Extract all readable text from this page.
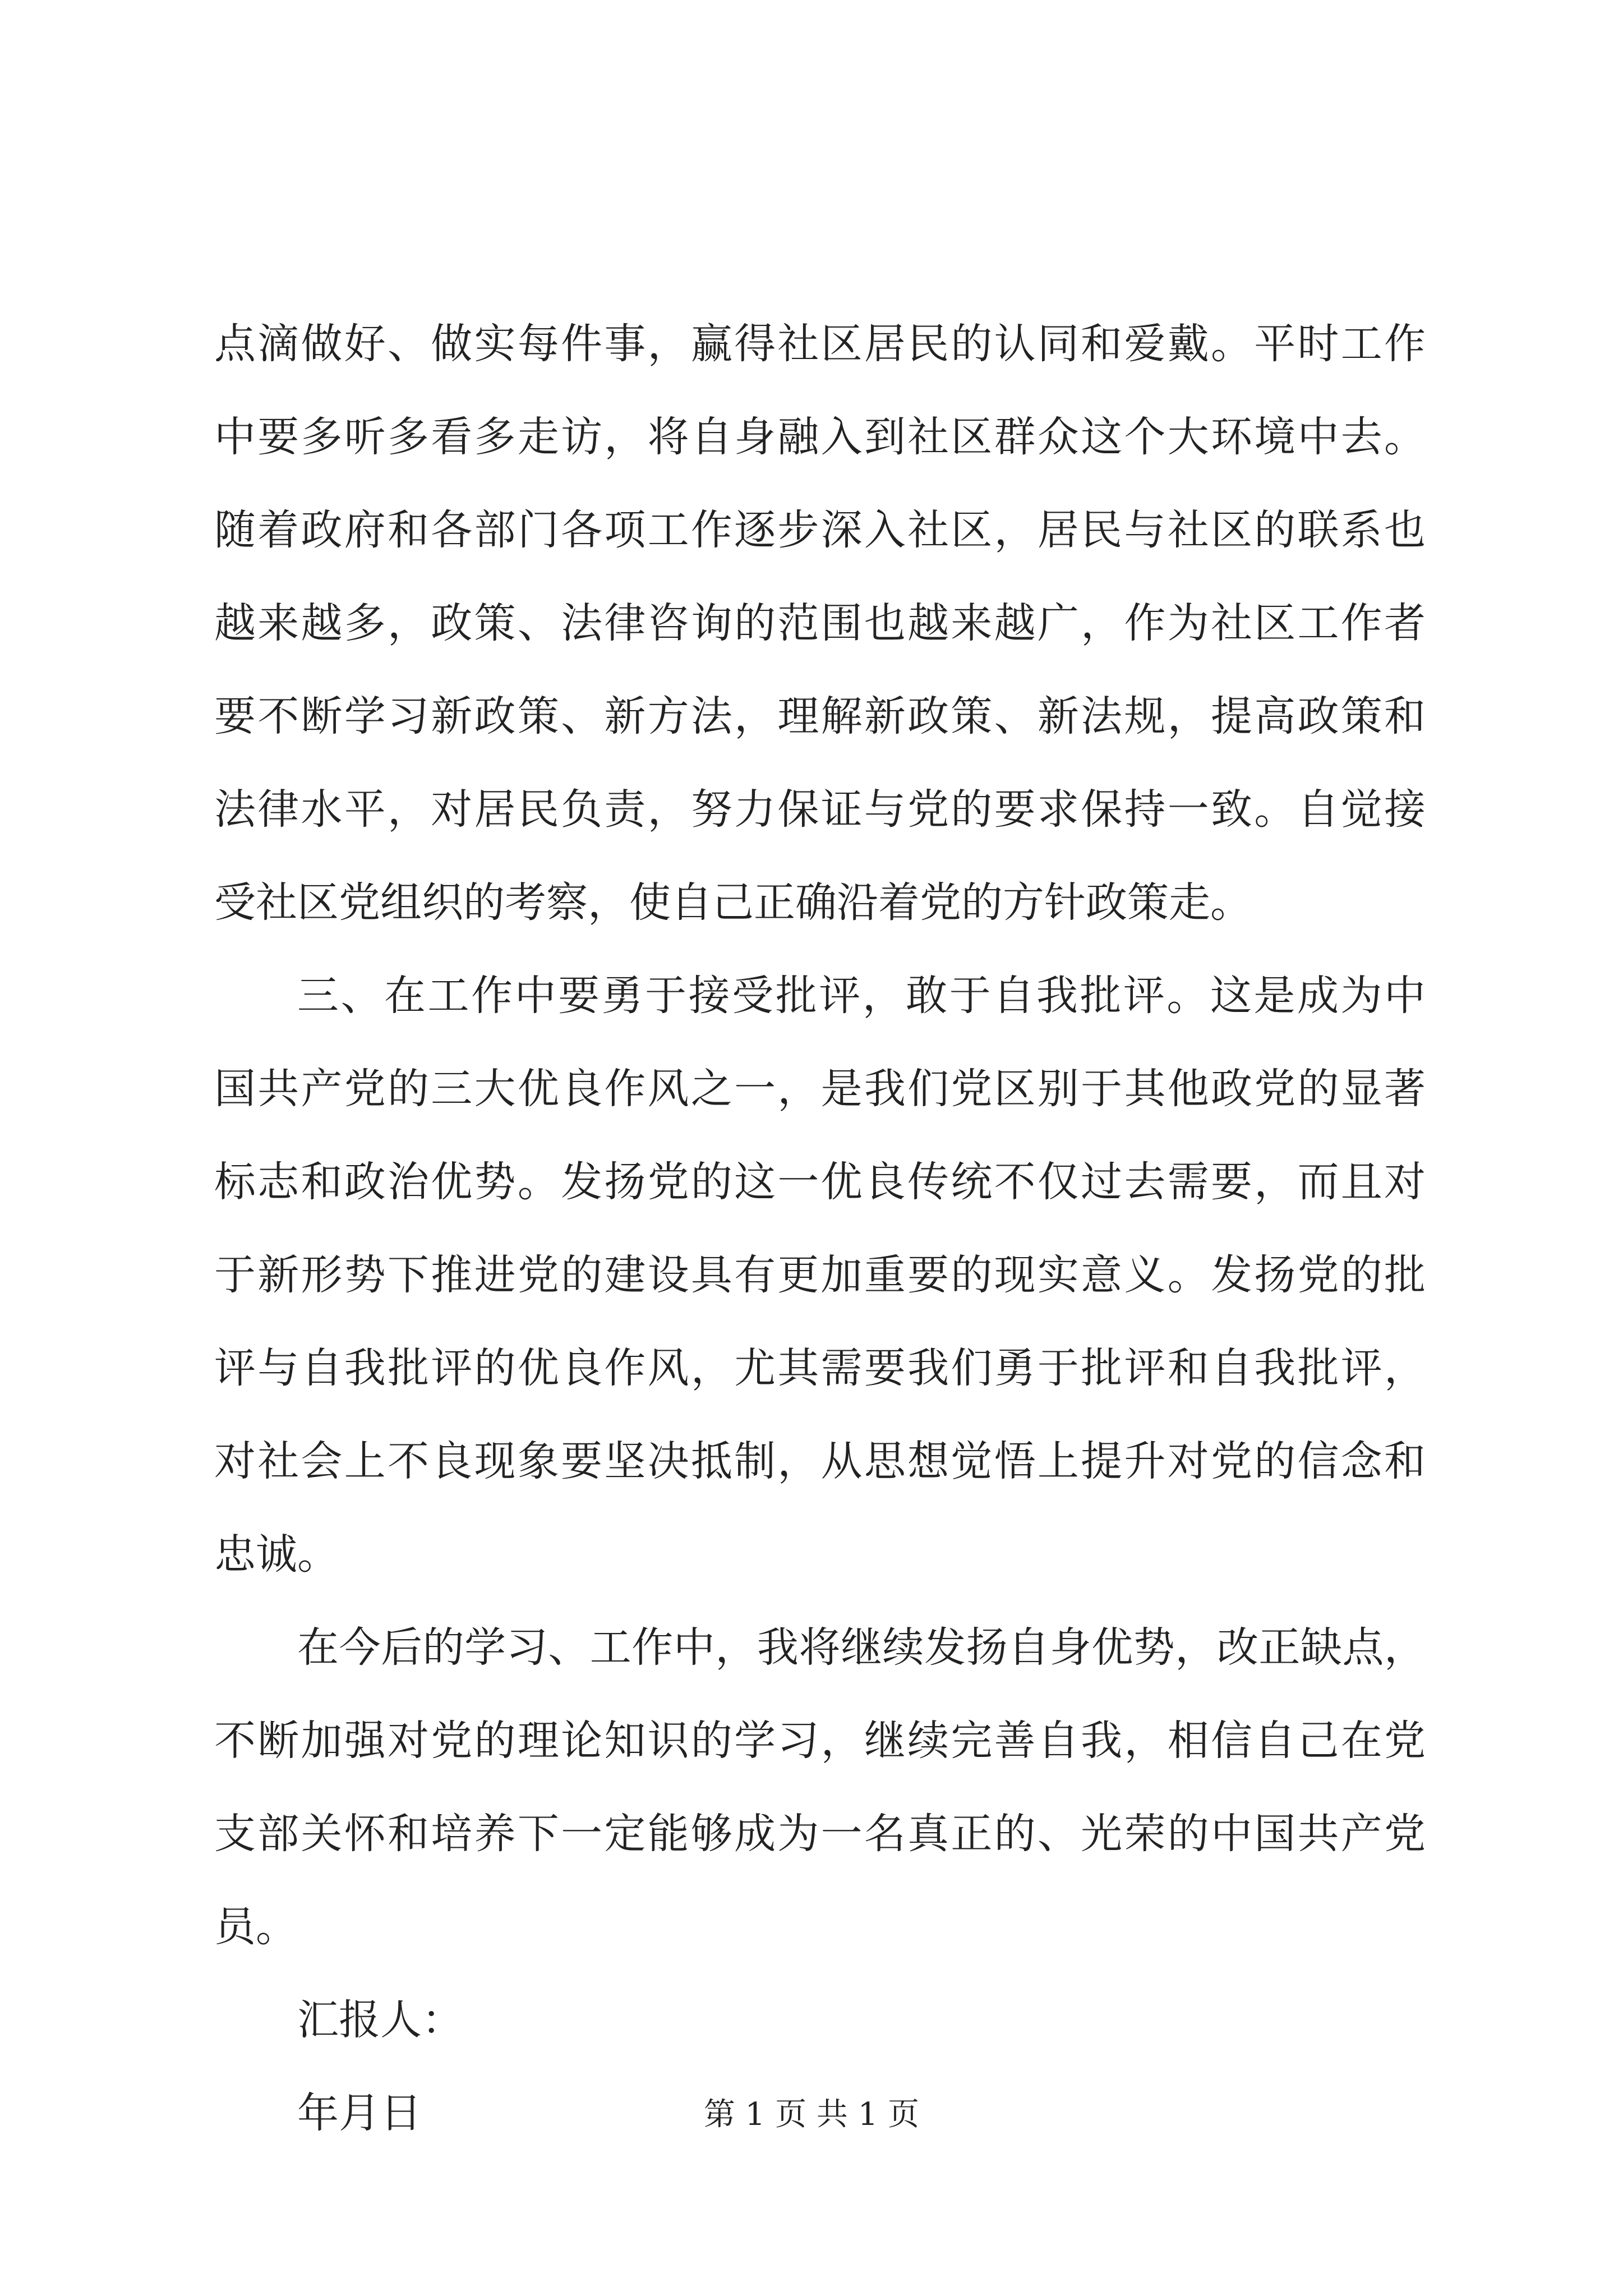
点滴做好、做实每件事，赢得社区居民的认同和爱戴。平时工作
中要多听多看多走访，将自身融入到社区群众这个大环境中去。
随着政府和各部门各项工作逐步深入社区，居民与社区的联系也
越来越多，政策、法律咨询的范围也越来越广，作为社区工作者
要不断学习新政策、新方法，理解新政策、新法规，提高政策和
法律水平，对居民负责，努力保证与党的要求保持一致。自觉接
受社区党组织的考察，使自己正确沿着党的方针政策走。
三、在工作中要勇于接受批评，敢于自我批评。这是成为中
国共产党的三大优良作风之一，是我们党区别于其他政党的显著
标志和政治优势。发扬党的这一优良传统不仅过去需要，而且对
于新形势下推进党的建设具有更加重要的现实意义。发扬党的批
评与自我批评的优良作风，尤其需要我们勇于批评和自我批评，
对社会上不良现象要坚决抵制，从思想觉悟上提升对党的信念和
忠诚。
在今后的学习、工作中，我将继续发扬自身优势，改正缺点，
不断加强对党的理论知识的学习，继续完善自我，相信自己在党
支部关怀和培养下一定能够成为一名真正的、光荣的中国共产党
员。
汇报人：
年月日	第 1 页 共 1 页
